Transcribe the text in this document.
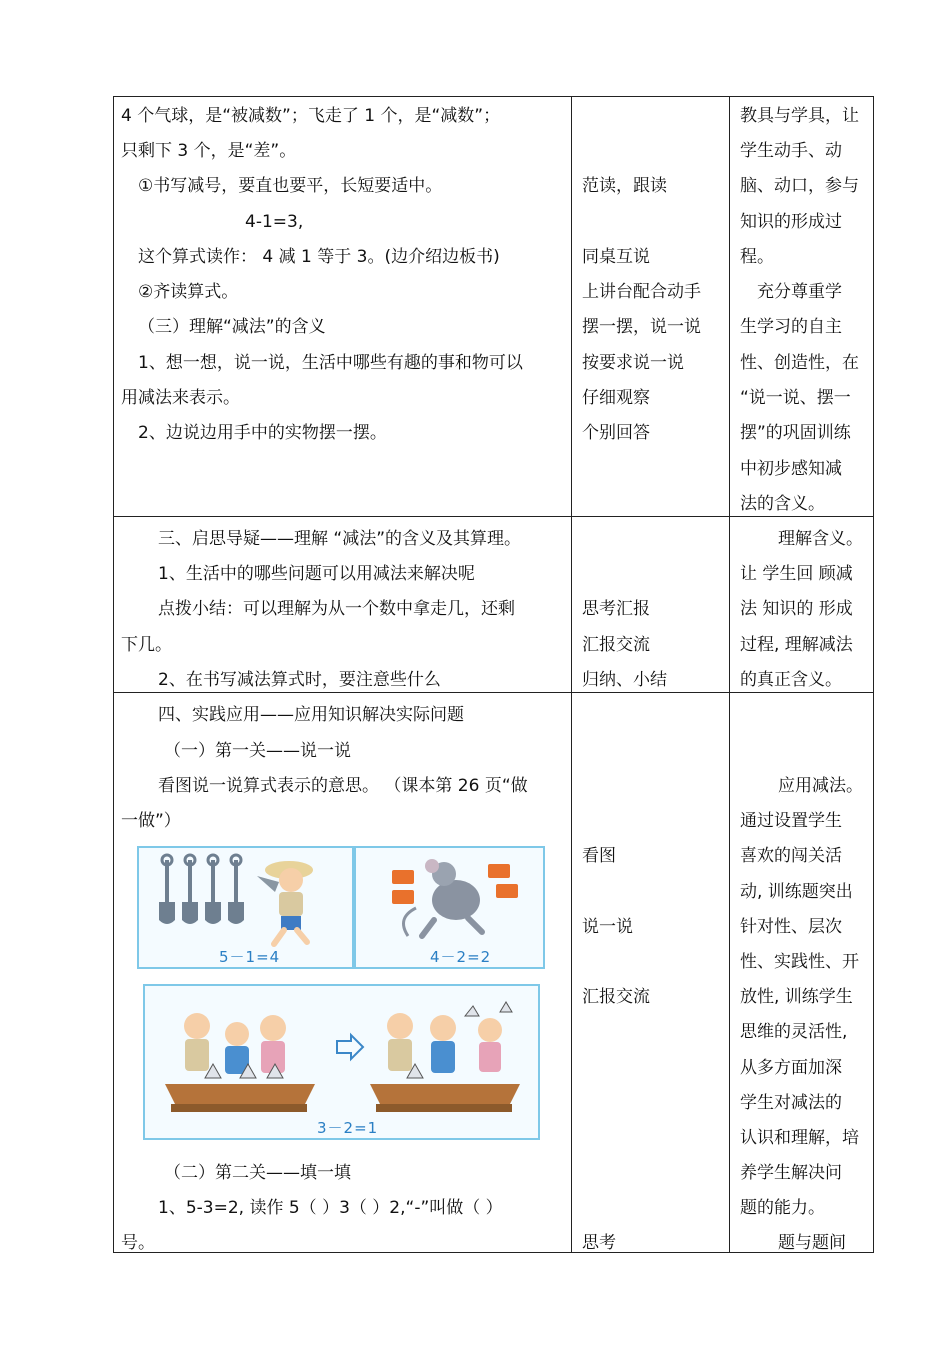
4 个气球，是“被减数”；飞走了 1 个，是“减数”；
只剩下 3 个，是“差”。
①书写减号，要直也要平，长短要适中。
4-1=3,
这个算式读作： 4 减 1 等于 3。(边介绍边板书)
②齐读算式。
（三）理解“减法”的含义
1、想一想，说一说，生活中哪些有趣的事和物可以
用减法来表示。
2、边说边用手中的实物摆一摆。
范读，跟读
同桌互说
上讲台配合动手
摆一摆，说一说
按要求说一说
仔细观察
个别回答
教具与学具，让
学生动手、动
脑、动口，参与
知识的形成过
程。
充分尊重学
生学习的自主
性、创造性，在
“说一说、摆一
摆”的巩固训练
中初步感知减
法的含义。
三、启思导疑——理解 “减法”的含义及其算理。
1、生活中的哪些问题可以用减法来解决呢
点拨小结：可以理解为从一个数中拿走几，还剩
下几。
2、在书写减法算式时，要注意些什么
思考汇报
汇报交流
归纳、小结
理解含义。
让 学生回 顾减
法 知识的 形成
过程, 理解减法
的真正含义。
四、实践应用——应用知识解决实际问题
（一）第一关——说一说
看图说一说算式表示的意思。 （课本第 26 页“做
一做”）
5－1=4	4－2=2
3－2=1
（二）第二关——填一填
1、5-3=2, 读作 5（ ）3（ ）2,“-”叫做（ ）
号。
看图
说一说
汇报交流
思考
应用减法。
通过设置学生
喜欢的闯关活
动, 训练题突出
针对性、层次
性、实践性、开
放性, 训练学生
思维的灵活性,
从多方面加深
学生对减法的
认识和理解，培
养学生解决问
题的能力。
题与题间
